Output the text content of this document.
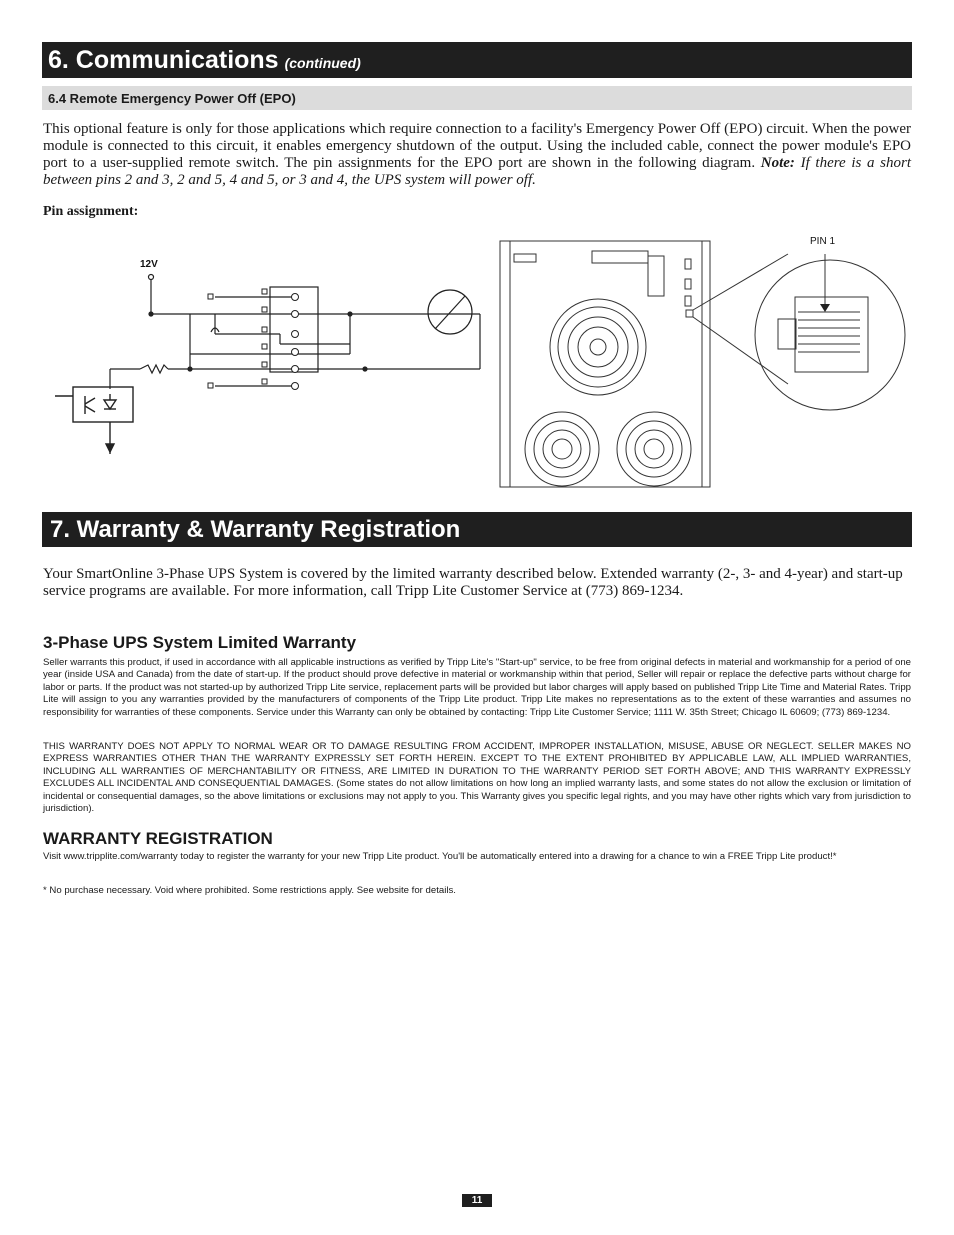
6. Communications (continued)
6.4 Remote Emergency Power Off (EPO)

This optional feature is only for those applications which require connection to a facility's Emergency Power Off (EPO) circuit. When the power module is connected to this circuit, it enables emergency shutdown of the output. Using the included cable, connect the power module's EPO port to a user-supplied remote switch. The pin assignments for the EPO port are shown in the following diagram. Note: If there is a short between pins 2 and 3, 2 and 5, 4 and 5, or 3 and 4, the UPS system will power off.

Pin assignment:
12V
PIN 1
7. Warranty & Warranty Registration

Your SmartOnline 3-Phase UPS System is covered by the limited warranty described below. Extended warranty (2-, 3- and 4-year) and start-up service programs are available. For more information, call Tripp Lite Customer Service at (773) 869-1234.

3-Phase UPS System Limited Warranty

Seller warrants this product, if used in accordance with all applicable instructions as verified by Tripp Lite's "Start-up" service, to be free from original defects in material and workmanship for a period of one year (inside USA and Canada) from the date of start-up. If the product should prove defective in material or workmanship within that period, Seller will repair or replace the defective parts without charge for labor or parts. If the product was not started-up by authorized Tripp Lite service, replacement parts will be provided but labor charges will apply based on published Tripp Lite Time and Material Rates. Tripp Lite will assign to you any warranties provided by the manufacturers of components of the Tripp Lite product. Tripp Lite makes no representations as to the extent of these warranties and assumes no responsibility for warranties of these components. Service under this Warranty can only be obtained by contacting: Tripp Lite Customer Service; 1111 W. 35th Street; Chicago IL 60609; (773) 869-1234.

THIS WARRANTY DOES NOT APPLY TO NORMAL WEAR OR TO DAMAGE RESULTING FROM ACCIDENT, IMPROPER INSTALLATION, MISUSE, ABUSE OR NEGLECT. SELLER MAKES NO EXPRESS WARRANTIES OTHER THAN THE WARRANTY EXPRESSLY SET FORTH HEREIN. EXCEPT TO THE EXTENT PROHIBITED BY APPLICABLE LAW, ALL IMPLIED WARRANTIES, INCLUDING ALL WARRANTIES OF MERCHANTABILITY OR FITNESS, ARE LIMITED IN DURATION TO THE WARRANTY PERIOD SET FORTH ABOVE; AND THIS WARRANTY EXPRESSLY EXCLUDES ALL INCIDENTAL AND CONSEQUENTIAL DAMAGES. (Some states do not allow limitations on how long an implied warranty lasts, and some states do not allow the exclusion or limitation of incidental or consequential damages, so the above limitations or exclusions may not apply to you. This Warranty gives you specific legal rights, and you may have other rights which vary from jurisdiction to jurisdiction).

WARRANTY REGISTRATION

Visit www.tripplite.com/warranty today to register the warranty for your new Tripp Lite product. You'll be automatically entered into a drawing for a chance to win a FREE Tripp Lite product!*

* No purchase necessary. Void where prohibited. Some restrictions apply. See website for details.

11
